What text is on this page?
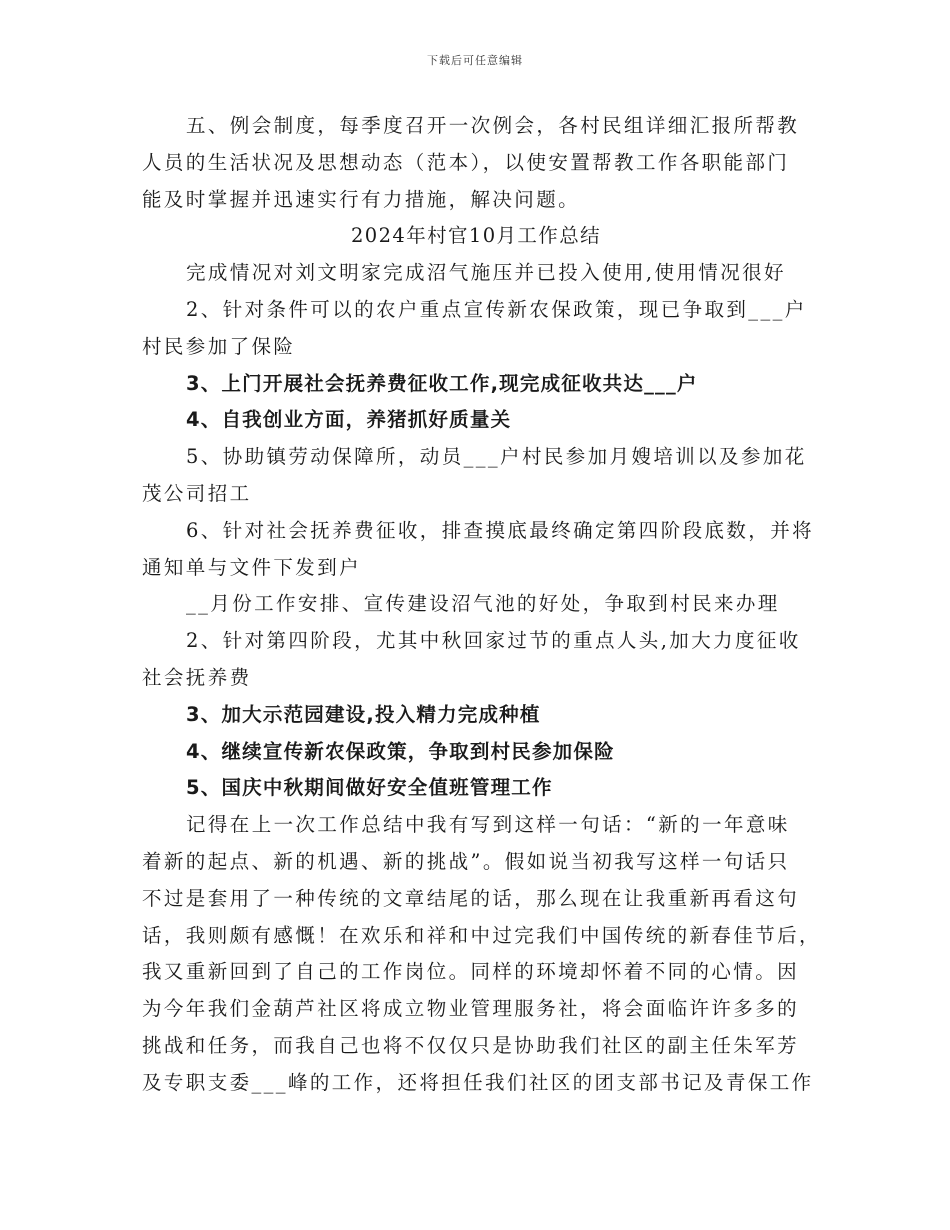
下载后可任意编辑

五、例会制度，每季度召开一次例会，各村民组详细汇报所帮教

人员的生活状况及思想动态（范本），以使安置帮教工作各职能部门

能及时掌握并迅速实行有力措施，解决问题。

2024年村官10月工作总结

完成情况对刘文明家完成沼气施压并已投入使用,使用情况很好

2、针对条件可以的农户重点宣传新农保政策，现已争取到___户

村民参加了保险

3、上门开展社会抚养费征收工作,现完成征收共达___户

4、自我创业方面，养猪抓好质量关

5、协助镇劳动保障所，动员___户村民参加月嫂培训以及参加花

茂公司招工

6、针对社会抚养费征收，排查摸底最终确定第四阶段底数，并将

通知单与文件下发到户

__月份工作安排、宣传建设沼气池的好处，争取到村民来办理

2、针对第四阶段，尤其中秋回家过节的重点人头,加大力度征收

社会抚养费

3、加大示范园建设,投入精力完成种植

4、继续宣传新农保政策，争取到村民参加保险

5、国庆中秋期间做好安全值班管理工作

记得在上一次工作总结中我有写到这样一句话：“新的一年意味

着新的起点、新的机遇、新的挑战”。假如说当初我写这样一句话只

不过是套用了一种传统的文章结尾的话，那么现在让我重新再看这句

话，我则颇有感慨！在欢乐和祥和中过完我们中国传统的新春佳节后，

我又重新回到了自己的工作岗位。同样的环境却怀着不同的心情。因

为今年我们金葫芦社区将成立物业管理服务社，将会面临许许多多的

挑战和任务，而我自己也将不仅仅只是协助我们社区的副主任朱军芳

及专职支委___峰的工作，还将担任我们社区的团支部书记及青保工作
